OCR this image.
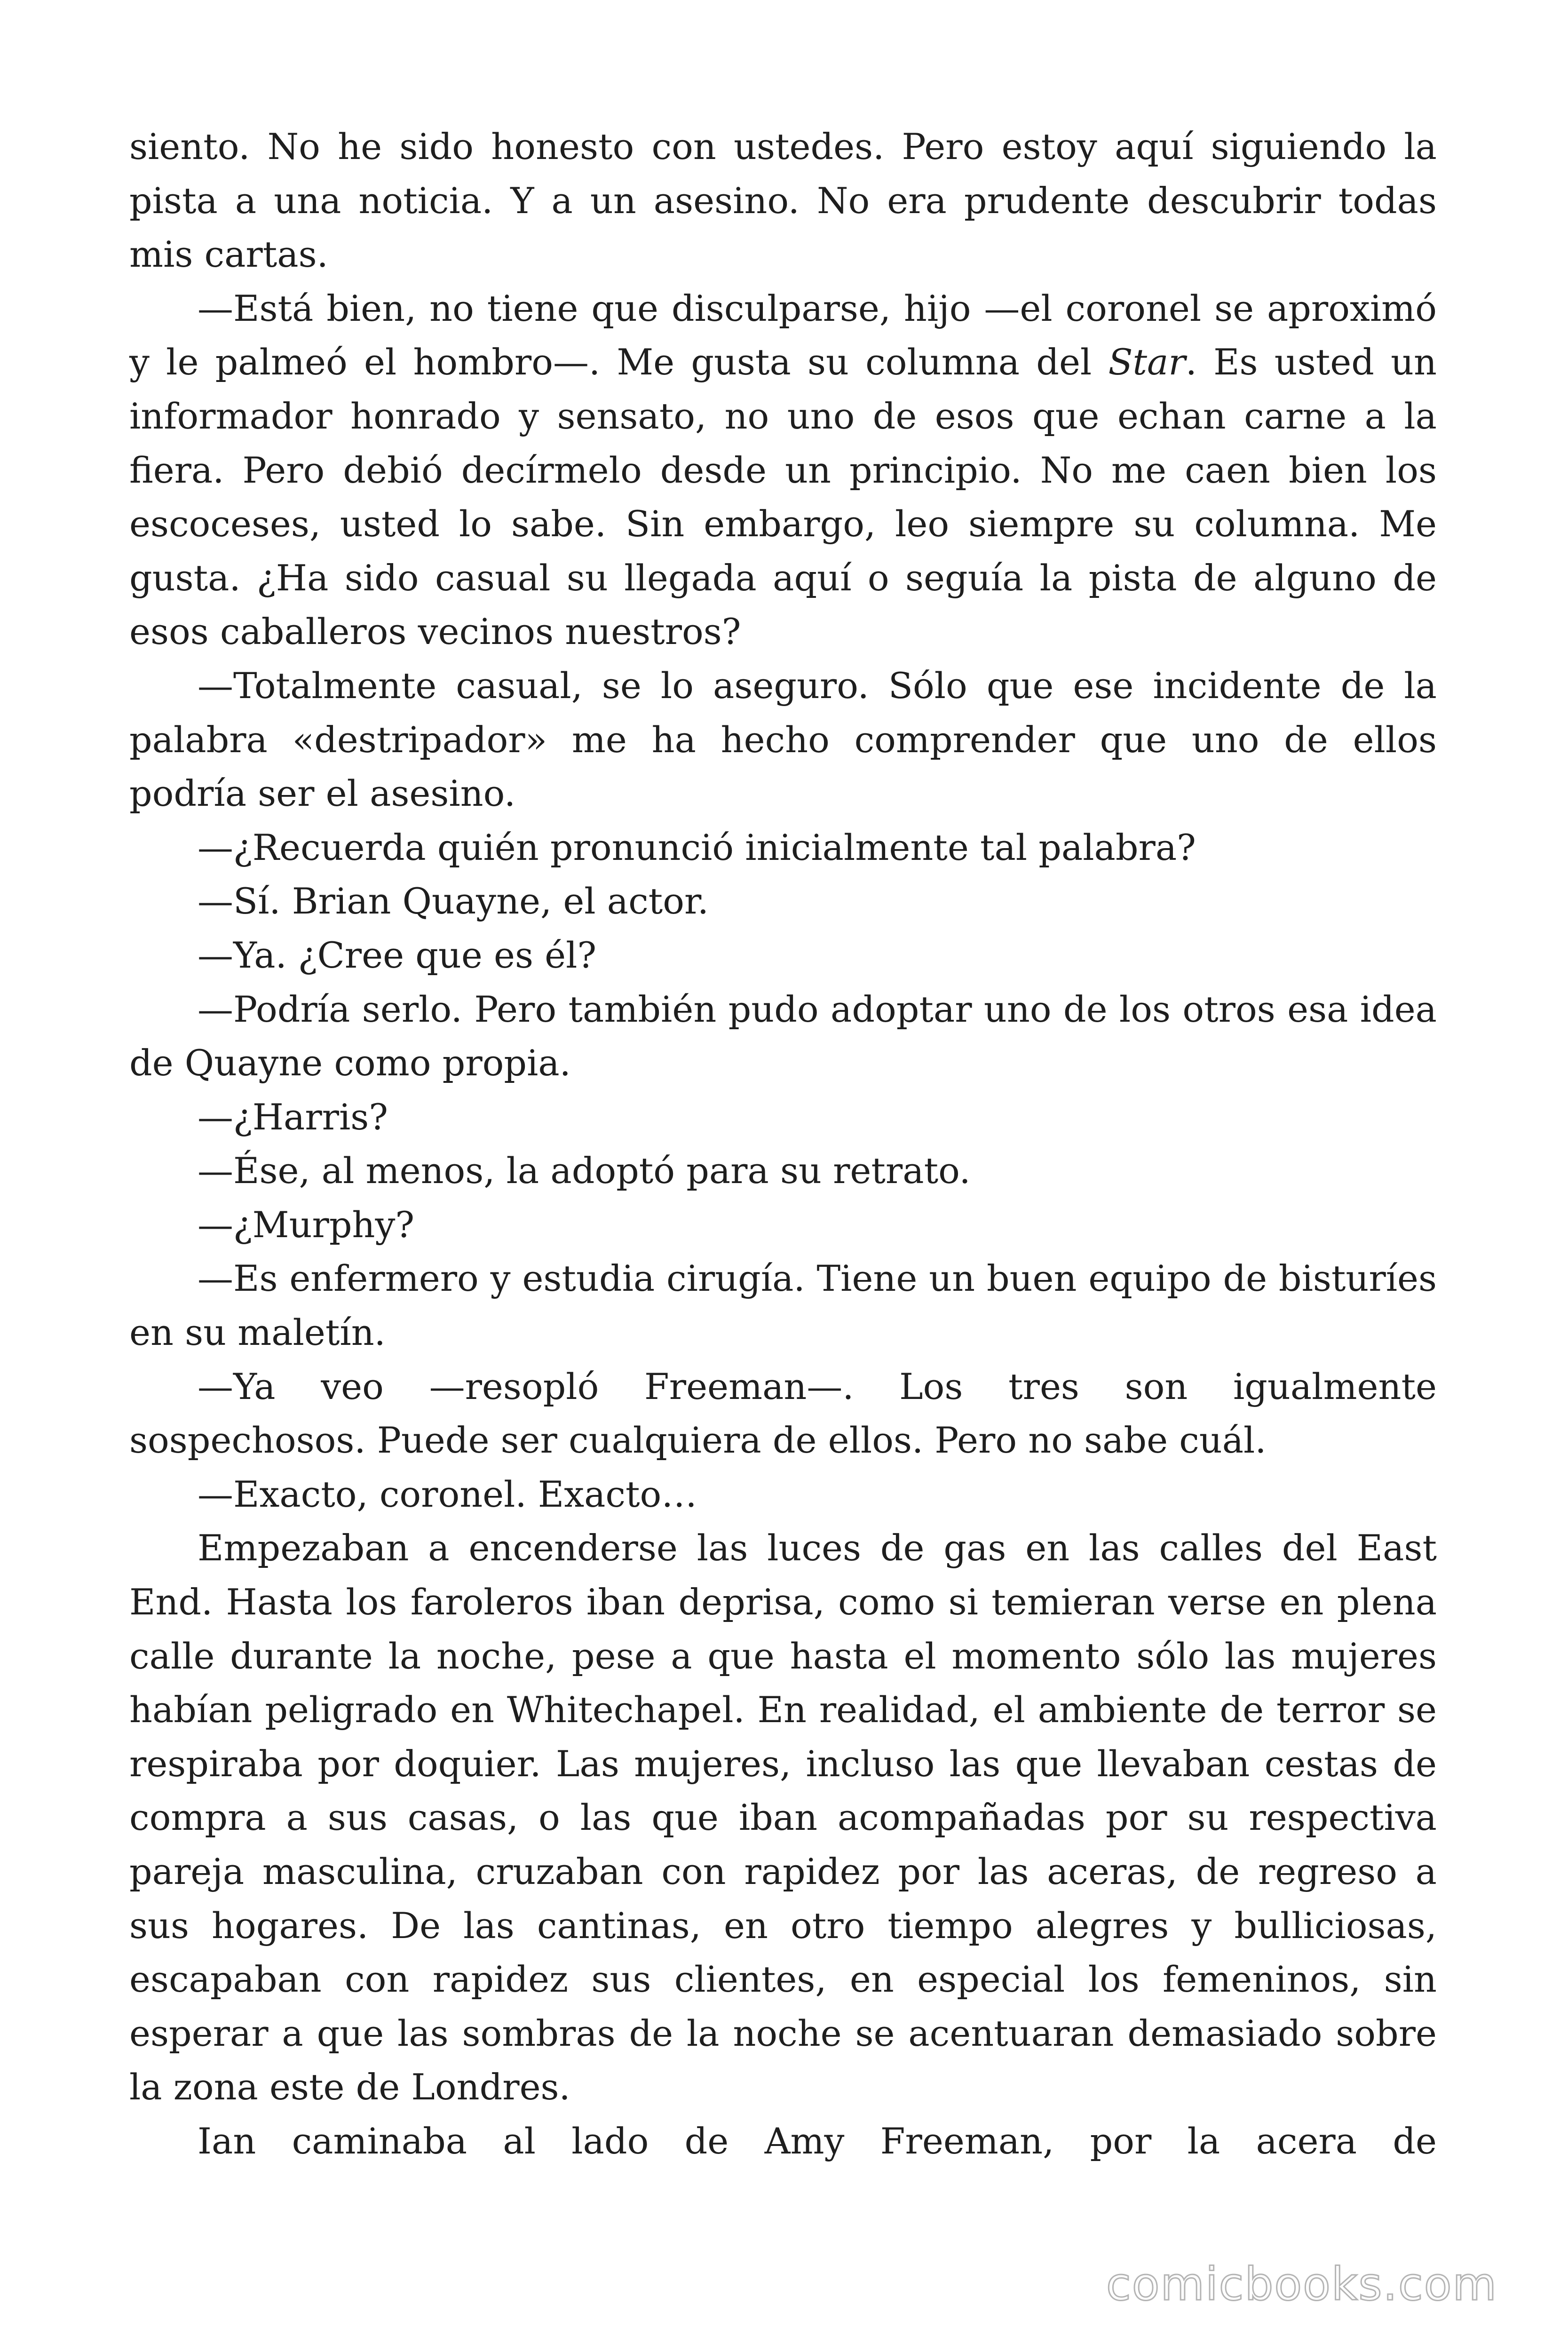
siento. No he sido honesto con ustedes. Pero estoy aquí siguiendo la pista a una noticia. Y a un asesino. No era prudente descubrir todas mis cartas.

—Está bien, no tiene que disculparse, hijo —el coronel se aproximó y le palmeó el hombro—. Me gusta su columna del Star. Es usted un informador honrado y sensato, no uno de esos que echan carne a la fiera. Pero debió decírmelo desde un principio. No me caen bien los escoceses, usted lo sabe. Sin embargo, leo siempre su columna. Me gusta. ¿Ha sido casual su llegada aquí o seguía la pista de alguno de esos caballeros vecinos nuestros?

—Totalmente casual, se lo aseguro. Sólo que ese incidente de la palabra «destripador» me ha hecho comprender que uno de ellos podría ser el asesino.

—¿Recuerda quién pronunció inicialmente tal palabra?

—Sí. Brian Quayne, el actor.

—Ya. ¿Cree que es él?

—Podría serlo. Pero también pudo adoptar uno de los otros esa idea de Quayne como propia.

—¿Harris?

—Ése, al menos, la adoptó para su retrato.

—¿Murphy?

—Es enfermero y estudia cirugía. Tiene un buen equipo de bisturíes en su maletín.

—Ya veo —resopló Freeman—. Los tres son igualmente sospechosos. Puede ser cualquiera de ellos. Pero no sabe cuál.

—Exacto, coronel. Exacto…

Empezaban a encenderse las luces de gas en las calles del East End. Hasta los faroleros iban deprisa, como si temieran verse en plena calle durante la noche, pese a que hasta el momento sólo las mujeres habían peligrado en Whitechapel. En realidad, el ambiente de terror se respiraba por doquier. Las mujeres, incluso las que llevaban cestas de compra a sus casas, o las que iban acompañadas por su respectiva pareja masculina, cruzaban con rapidez por las aceras, de regreso a sus hogares. De las cantinas, en otro tiempo alegres y bulliciosas, escapaban con rapidez sus clientes, en especial los femeninos, sin esperar a que las sombras de la noche se acentuaran demasiado sobre la zona este de Londres.

Ian caminaba al lado de Amy Freeman, por la acera de

comicbooks.com
